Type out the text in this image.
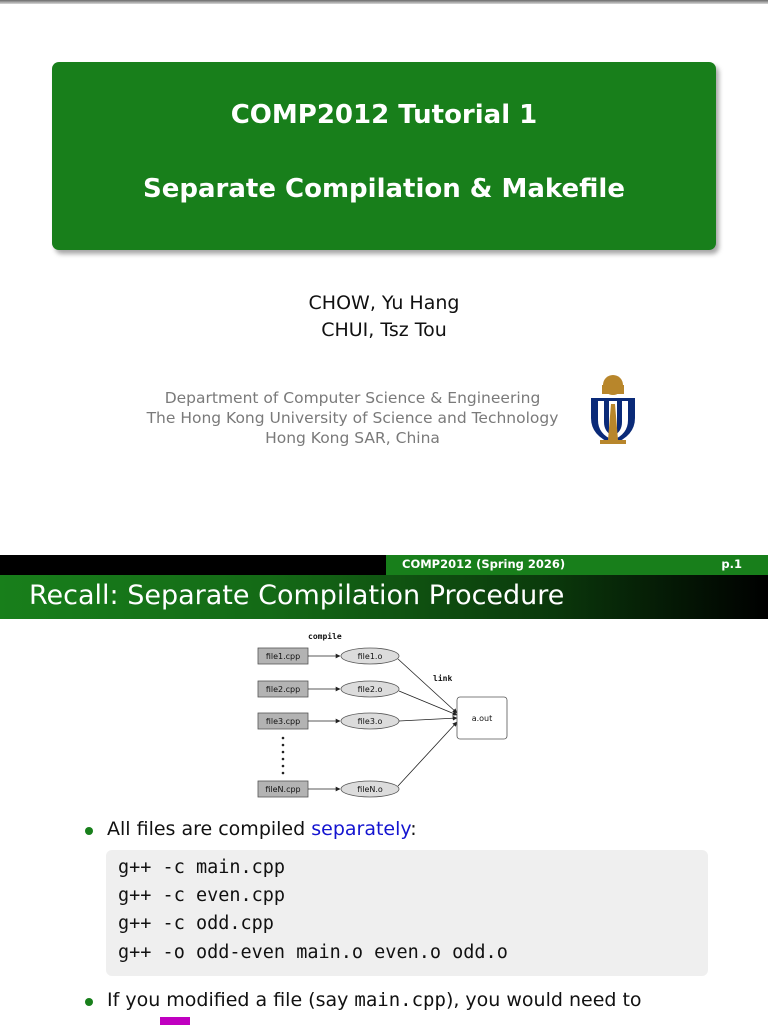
COMP2012 Tutorial 1
Separate Compilation & Makefile
CHOW, Yu Hang
CHUI, Tsz Tou
Department of Computer Science & Engineering
The Hong Kong University of Science and Technology
Hong Kong SAR, China
COMP2012 (Spring 2026)	p.1
Recall: Separate Compilation Procedure
compile
link
file1.cpp
file2.cpp
file3.cpp
fileN.cpp
file1.o
file2.o
file3.o
fileN.o
a.out
All files are compiled separately:
g++ -c main.cpp
g++ -c even.cpp
g++ -c odd.cpp
g++ -o odd-even main.o even.o odd.o
If you modified a file (say main.cpp), you would need to
